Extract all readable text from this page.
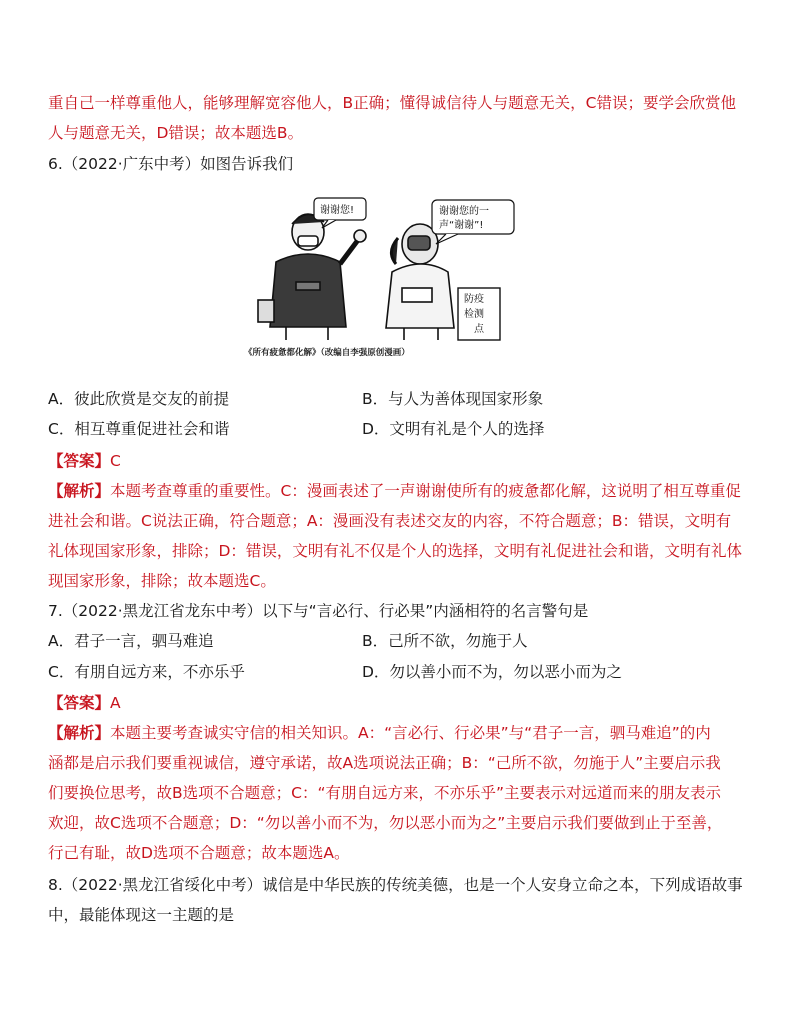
重自己一样尊重他人，能够理解宽容他人，B正确；懂得诚信待人与题意无关，C错误；要学会欣赏他
人与题意无关，D错误；故本题选B。
6.（2022·广东中考）如图告诉我们
谢谢您!	谢谢您的一
声“谢谢”!
防疫
检测
点
《所有疲惫都化解》（改编自李强原创漫画）
A．彼此欣赏是交友的前提	B．与人为善体现国家形象
C．相互尊重促进社会和谐	D．文明有礼是个人的选择
【答案】C
【解析】本题考查尊重的重要性。C：漫画表述了一声谢谢使所有的疲惫都化解，这说明了相互尊重促
进社会和谐。C说法正确，符合题意；A：漫画没有表述交友的内容，不符合题意；B：错误，文明有
礼体现国家形象，排除；D：错误，文明有礼不仅是个人的选择，文明有礼促进社会和谐，文明有礼体
现国家形象，排除；故本题选C。
7.（2022·黑龙江省龙东中考）以下与“言必行、行必果”内涵相符的名言警句是
A．君子一言，驷马难追	B．己所不欲，勿施于人
C．有朋自远方来，不亦乐乎	D．勿以善小而不为，勿以恶小而为之
【答案】A
【解析】本题主要考查诚实守信的相关知识。A：“言必行、行必果”与“君子一言，驷马难追”的内
涵都是启示我们要重视诚信，遵守承诺，故A选项说法正确；B：“己所不欲，勿施于人”主要启示我
们要换位思考，故B选项不合题意；C：“有朋自远方来，不亦乐乎”主要表示对远道而来的朋友表示
欢迎，故C选项不合题意；D：“勿以善小而不为，勿以恶小而为之”主要启示我们要做到止于至善，
行己有耻，故D选项不合题意；故本题选A。
8.（2022·黑龙江省绥化中考）诚信是中华民族的传统美德，也是一个人安身立命之本，下列成语故事
中，最能体现这一主题的是
